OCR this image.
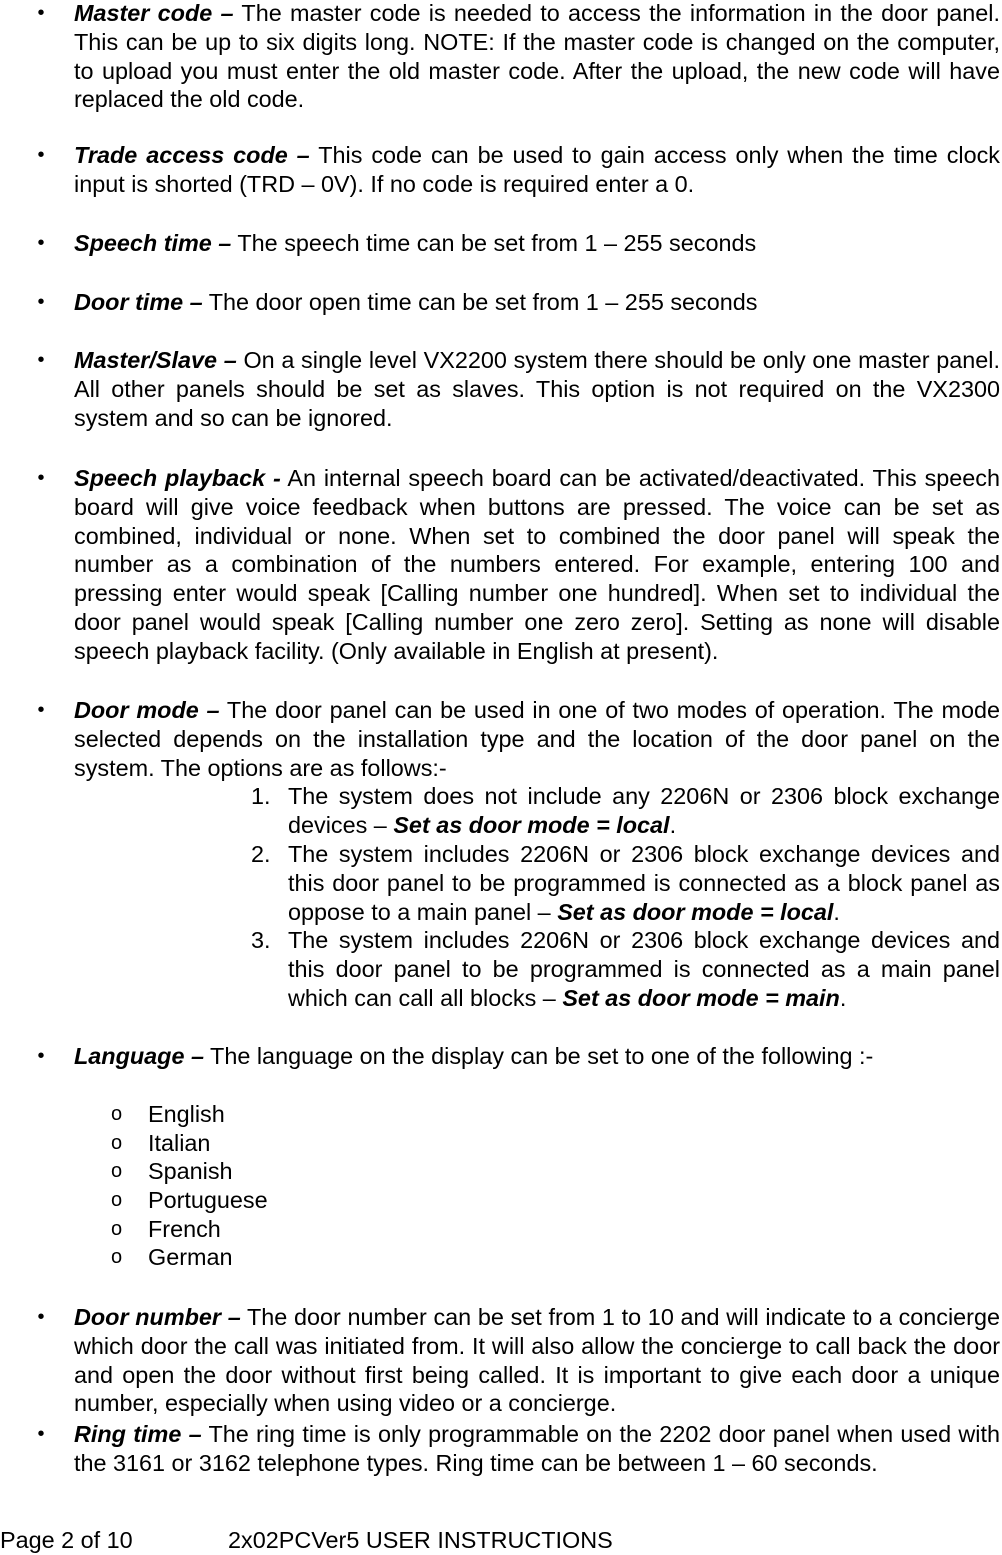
• Master code – The master code is needed to access the information in the door panel. This can be up to six digits long. NOTE: If the master code is changed on the computer, to upload you must enter the old master code. After the upload, the new code will have replaced the old code.
• Trade access code – This code can be used to gain access only when the time clock input is shorted (TRD – 0V). If no code is required enter a 0.
• Speech time – The speech time can be set from 1 – 255 seconds
• Door time – The door open time can be set from 1 – 255 seconds
• Master/Slave – On a single level VX2200 system there should be only one master panel. All other panels should be set as slaves. This option is not required on the VX2300 system and so can be ignored.
• Speech playback - An internal speech board can be activated/deactivated. This speech board will give voice feedback when buttons are pressed. The voice can be set as combined, individual or none. When set to combined the door panel will speak the number as a combination of the numbers entered. For example, entering 100 and pressing enter would speak [Calling number one hundred]. When set to individual the door panel would speak [Calling number one zero zero]. Setting as none will disable speech playback facility. (Only available in English at present).
• Door mode – The door panel can be used in one of two modes of operation. The mode selected depends on the installation type and the location of the door panel on the system. The options are as follows:-
1. The system does not include any 2206N or 2306 block exchange devices – Set as door mode = local.
2. The system includes 2206N or 2306 block exchange devices and this door panel to be programmed is connected as a block panel as oppose to a main panel – Set as door mode = local.
3. The system includes 2206N or 2306 block exchange devices and this door panel to be programmed is connected as a main panel which can call all blocks – Set as door mode = main.
• Language – The language on the display can be set to one of the following :-
o English
o Italian
o Spanish
o Portuguese
o French
o German
• Door number – The door number can be set from 1 to 10 and will indicate to a concierge which door the call was initiated from. It will also allow the concierge to call back the door and open the door without first being called. It is important to give each door a unique number, especially when using video or a concierge.
• Ring time – The ring time is only programmable on the 2202 door panel when used with the 3161 or 3162 telephone types. Ring time can be between 1 – 60 seconds.
Page 2 of 10	2x02PCVer5 USER INSTRUCTIONS
